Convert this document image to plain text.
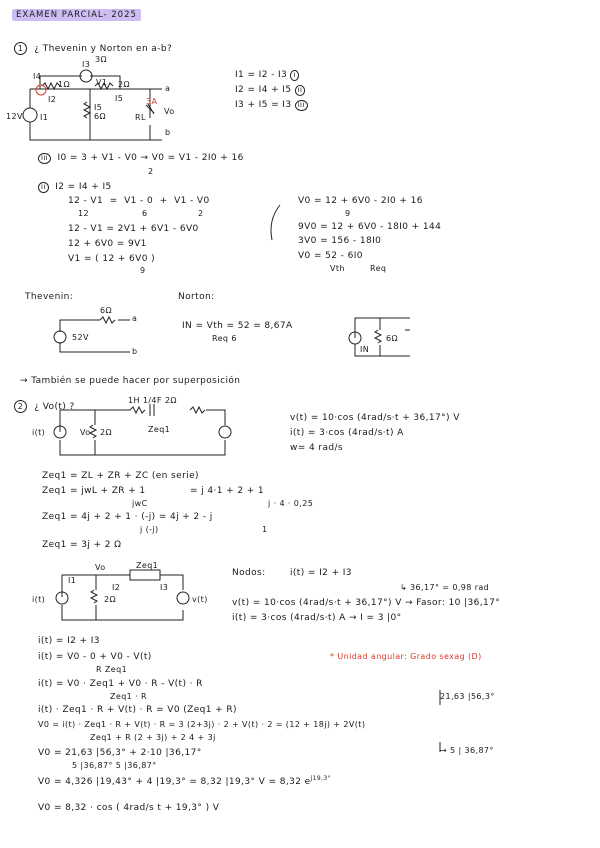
EXAMEN PARCIAL- 2025
1 ¿ Thevenin y Norton en a-b?
I4
I3
I2
V1
I5
1Ω	2Ω
I5
6Ω	RL
I1
12V
a
b
Vo
3Ω
3A
I1 = I2 - I3 I
I2 = I4 + I5 II
I3 + I5 = I3 III
III I0 = 3 + V1 - V0 → V0 = V1 - 2I0 + 16
2
II I2 = I4 + I5
12 - V1  =  V1 - 0  +  V1 - V0
12	6	2
12 - V1 = 2V1 + 6V1 - 6V0
12 + 6V0 = 9V1
V1 = ( 12 + 6V0 )
9
V0 = 12 + 6V0 - 2I0 + 16
9
9V0 = 12 + 6V0 - 18I0 + 144
3V0 = 156 - 18I0
V0 = 52 - 6I0
Vth	Req
Thevenin:	Norton:
6Ω
52V
a
b
IN = Vth = 52 = 8,67A
Req 6
IN
6Ω
→ También se puede hacer por superposición
2 ¿ Vo(t) ?
1H 1/4F 2Ω
Zeq1
i(t)	Vo 2Ω
v(t) = 10·cos (4rad/s·t + 36,17°) V
i(t) = 3·cos (4rad/s·t) A
w= 4 rad/s
Zeq1 = ZL + ZR + ZC (en serie)
Zeq1 = jwL + ZR + 1	= j 4·1 + 2 + 1
jwC	j · 4 · 0,25
Zeq1 = 4j + 2 + 1 · (-j) = 4j + 2 - j
j (-j)	1
Zeq1 = 3j + 2 Ω
Vo	Zeq1
I1
I2	I3
2Ω
i(t)	v(t)
Nodos:	i(t) = I2 + I3
↳ 36,17° = 0,98 rad
v(t) = 10·cos (4rad/s·t + 36,17°) V → Fasor: 10 |36,17°
i(t) = 3·cos (4rad/s·t) A → I = 3 |0°
i(t) = I2 + I3
i(t) = V0 - 0 + V0 - V(t)
R Zeq1
* Unidad angular: Grado sexag (D)
i(t) = V0 · Zeq1 + V0 · R - V(t) · R
Zeq1 · R
i(t) · Zeq1 · R + V(t) · R = V0 (Zeq1 + R)
21,63 |56,3°
V0 = i(t) · Zeq1 · R + V(t) · R = 3 (2+3j) · 2 + V(t) · 2 = (12 + 18j) + 2V(t)
Zeq1 + R (2 + 3j) + 2 4 + 3j
→ 5 | 36,87°
V0 = 21,63 |56,3° + 2·10 |36,17°
5 |36,87° 5 |36,87°
V0 = 4,326 |19,43° + 4 |19,3° = 8,32 |19,3° V = 8,32 $e^{j19,3^\circ}$
V0 = 8,32 · cos ( 4rad/s t + 19,3° ) V
